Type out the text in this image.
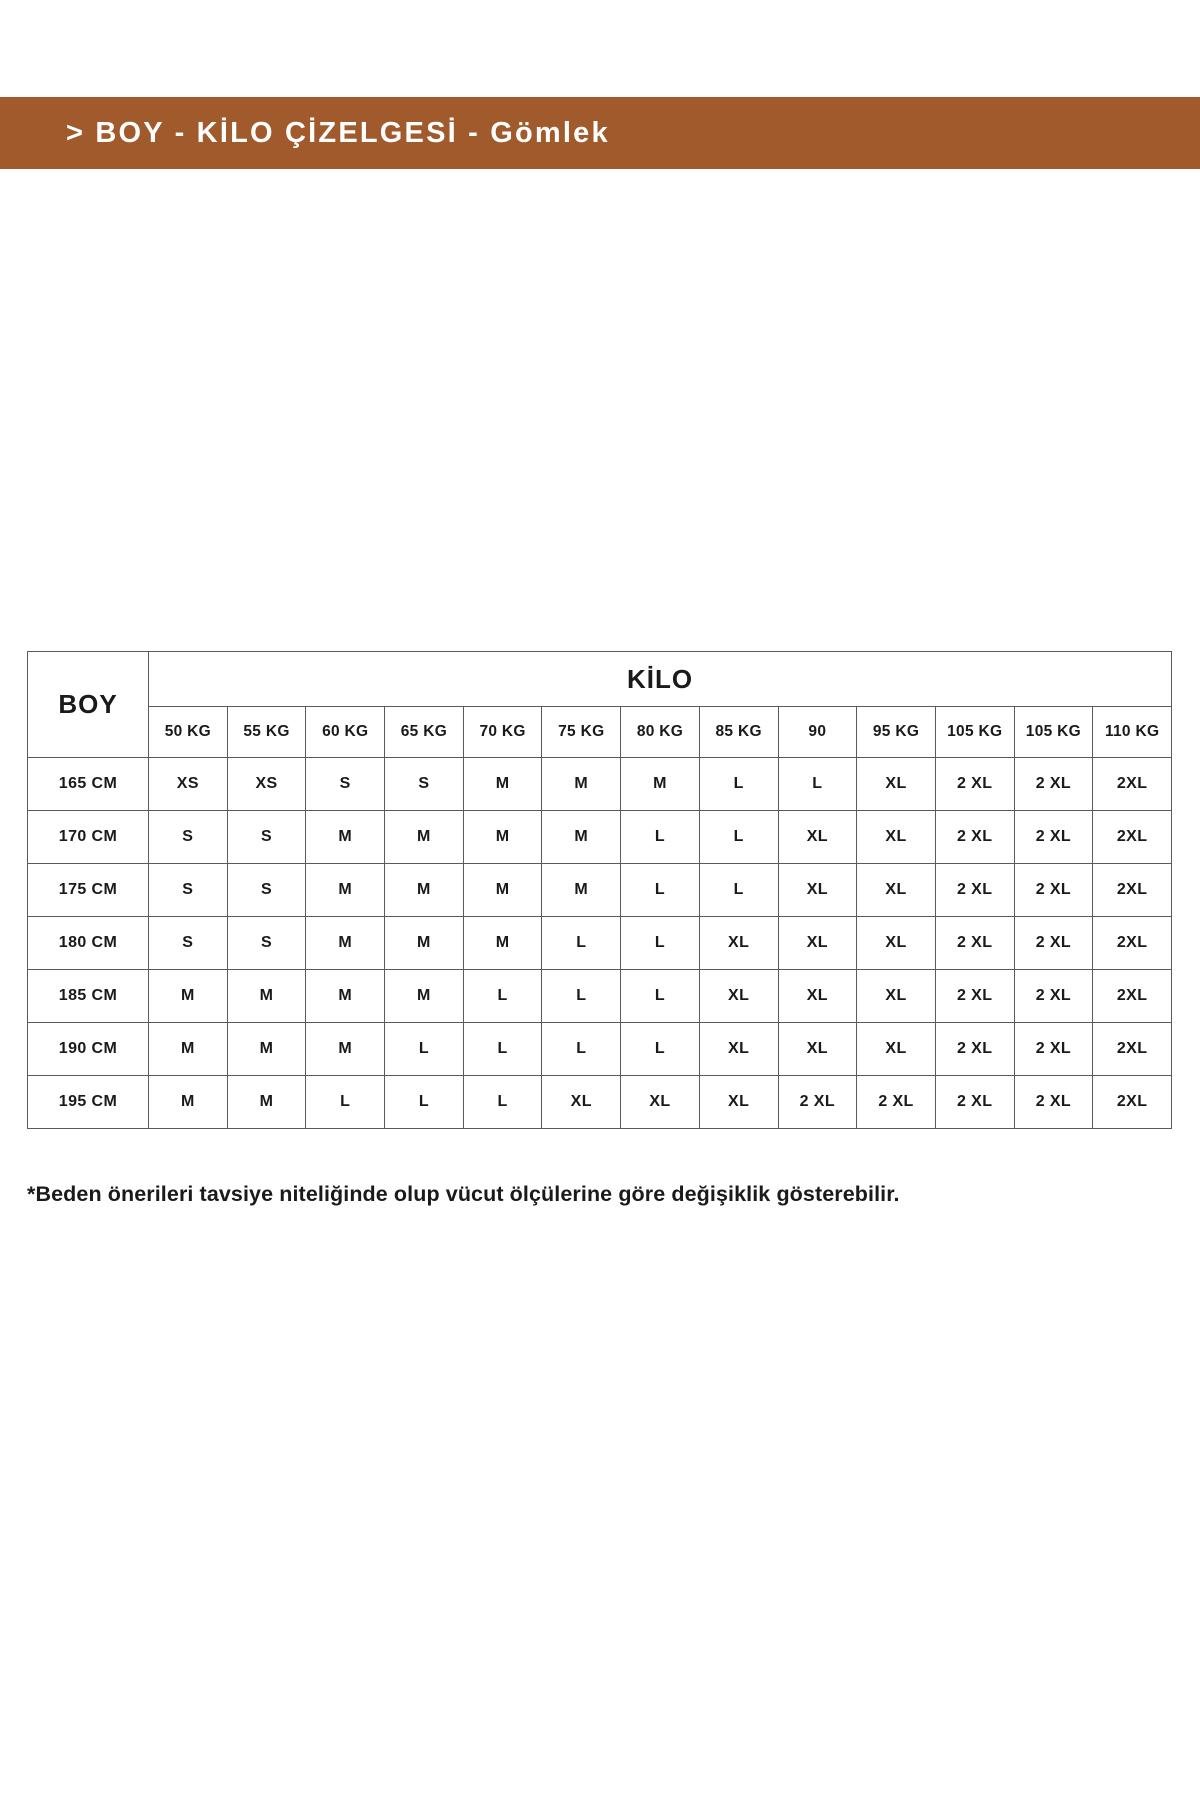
> BOY - KİLO ÇİZELGESİ - Gömlek
BOY	KİLO												
	50 KG	55 KG	60 KG	65 KG	70 KG	75 KG	80 KG	85 KG	90	95 KG	105 KG	105 KG	110 KG
165 CM	XS	XS	S	S	M	M	M	L	L	XL	2 XL	2 XL	2XL
170 CM	S	S	M	M	M	M	L	L	XL	XL	2 XL	2 XL	2XL
175 CM	S	S	M	M	M	M	L	L	XL	XL	2 XL	2 XL	2XL
180 CM	S	S	M	M	M	L	L	XL	XL	XL	2 XL	2 XL	2XL
185 CM	M	M	M	M	L	L	L	XL	XL	XL	2 XL	2 XL	2XL
190 CM	M	M	M	L	L	L	L	XL	XL	XL	2 XL	2 XL	2XL
195 CM	M	M	L	L	L	XL	XL	XL	2 XL	2 XL	2 XL	2 XL	2XL
*Beden önerileri tavsiye niteliğinde olup vücut ölçülerine göre değişiklik gösterebilir.
